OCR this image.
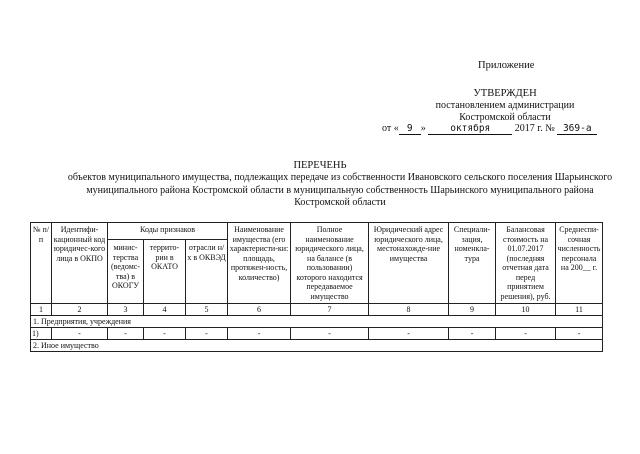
Приложение
УТВЕРЖДЕН
постановлением администрации
Костромской области
от « 9 »	октября 2017 г. № 369-а
ПЕРЕЧЕНЬ
объектов муниципального имущества, подлежащих передаче из собственности Ивановского сельского поселения Шарьинского муниципального района Костромской области в муниципальную собственность Шарьинского муниципального района Костромской области
№ п/п	Идентифи-кационный код юридичес-кого лица в ОКПО	Коды признаков			Наименование имущества (его характеристи-ки: площадь, протяжен-ность, количество)	Полное наименование юридического лица, на балансе (в пользовании) которого находится передаваемое имущество	Юридический адрес юридического лица, местонахожде-ние имущества	Специали-зация, номенкла-тура	Балансовая стоимость на 01.07.2017 (последняя отчетная дата перед принятием решения), руб.	Среднеспи-сочная численность персонала на 200__ г.
		минис-терства (ведомс-тва) в ОКОГУ	террито-рии в ОКАТО	отрасли н/х в ОКВЭД						
1	2	3	4	5	6	7	8	9	10	11
1. Предприятия, учреждения										
1)	-	-	-	-	-	-	-	-	-	-
2. Иное имущество										
